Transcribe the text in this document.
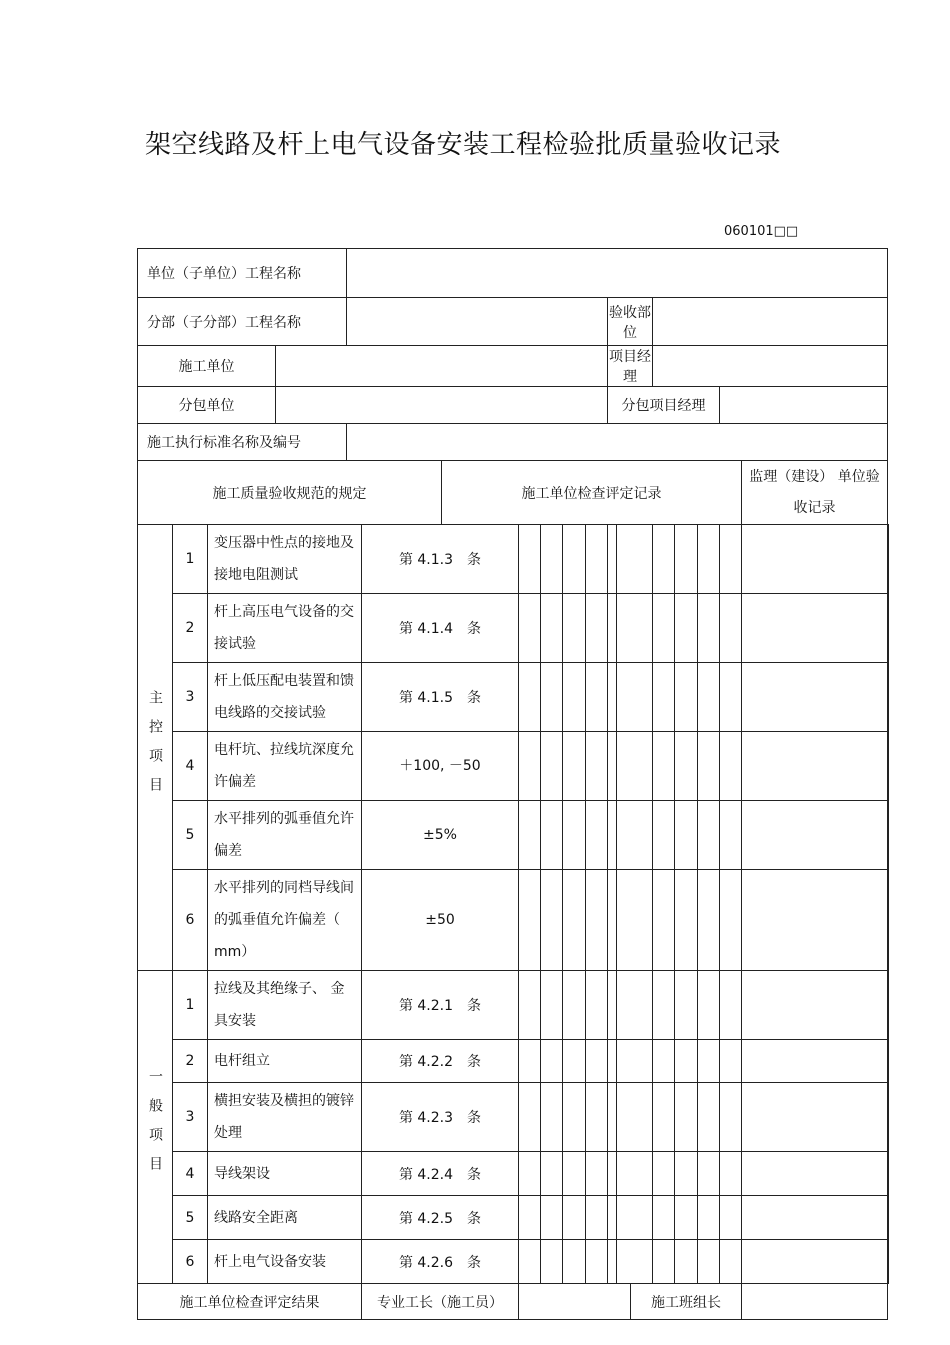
架空线路及杆上电气设备安装工程检验批质量验收记录
060101□□
单位（子单位）工程名称																			
分部（子分部）工程名称											验收部位								
施工单位											项目经理								
分包单位											分包项目经理								
施工执行标准名称及编号																			
施工质量验收规范的规定						施工单位检查评定记录												监理（建设） 单位验收记录	
主控项目	1	变压器中性点的接地及接地电阻测试			第 4.1.3　条														
	2	杆上高压电气设备的交接试验			第 4.1.4　条														
	3	杆上低压配电装置和馈电线路的交接试验			第 4.1.5　条														
	4	电杆坑、拉线坑深度允许偏差			＋100, －50														
	5	水平排列的弧垂值允许偏差			±5%														
	6	水平排列的同档导线间的弧垂值允许偏差（　mm）			±50														
一般项目	1	拉线及其绝缘子、 金具安装			第 4.2.1　条														
	2	电杆组立			第 4.2.2　条														
	3	横担安装及横担的镀锌处理			第 4.2.3　条														
	4	导线架设			第 4.2.4　条														
	5	线路安全距离			第 4.2.5　条														
	6	杆上电气设备安装			第 4.2.6　条														
施工单位检查评定结果					专业工长（施工员）								施工班组长						
